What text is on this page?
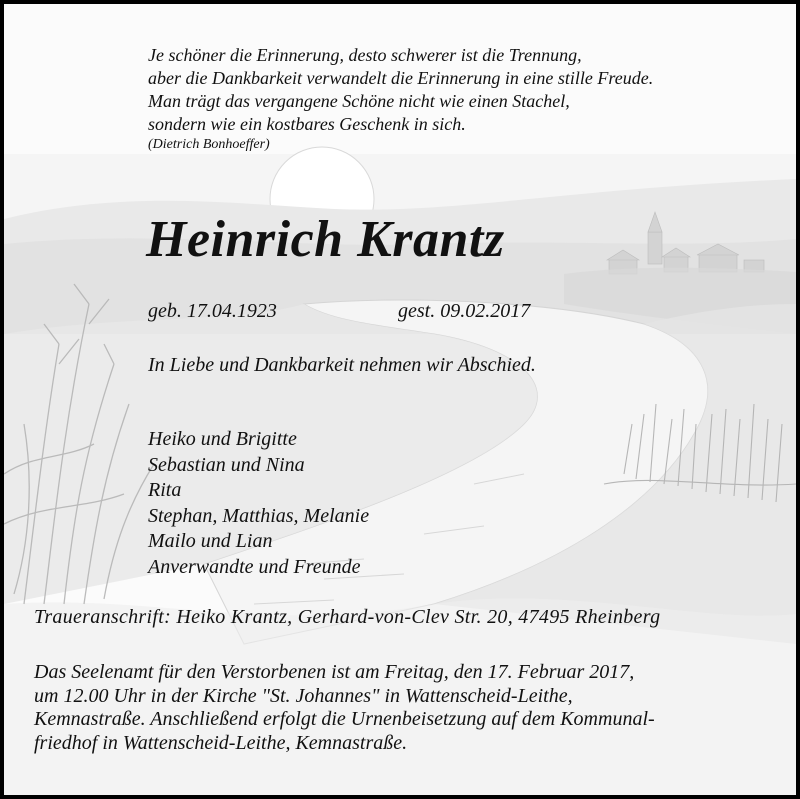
Je schöner die Erinnerung, desto schwerer ist die Trennung,
aber die Dankbarkeit verwandelt die Erinnerung in eine stille Freude.
Man trägt das vergangene Schöne nicht wie einen Stachel,
sondern wie ein kostbares Geschenk in sich.
(Dietrich Bonhoeffer)
Heinrich Krantz
geb. 17.04.1923	gest. 09.02.2017
In Liebe und Dankbarkeit nehmen wir Abschied.
Heiko und Brigitte
Sebastian und Nina
Rita
Stephan, Matthias, Melanie
Mailo und Lian
Anverwandte und Freunde
Traueranschrift: Heiko Krantz, Gerhard-von-Clev Str. 20, 47495 Rheinberg
Das Seelenamt für den Verstorbenen ist am Freitag, den 17. Februar 2017,
um 12.00 Uhr in der Kirche "St. Johannes" in Wattenscheid-Leithe,
Kemnastraße. Anschließend erfolgt die Urnenbeisetzung auf dem Kommunal-
friedhof in Wattenscheid-Leithe, Kemnastraße.
